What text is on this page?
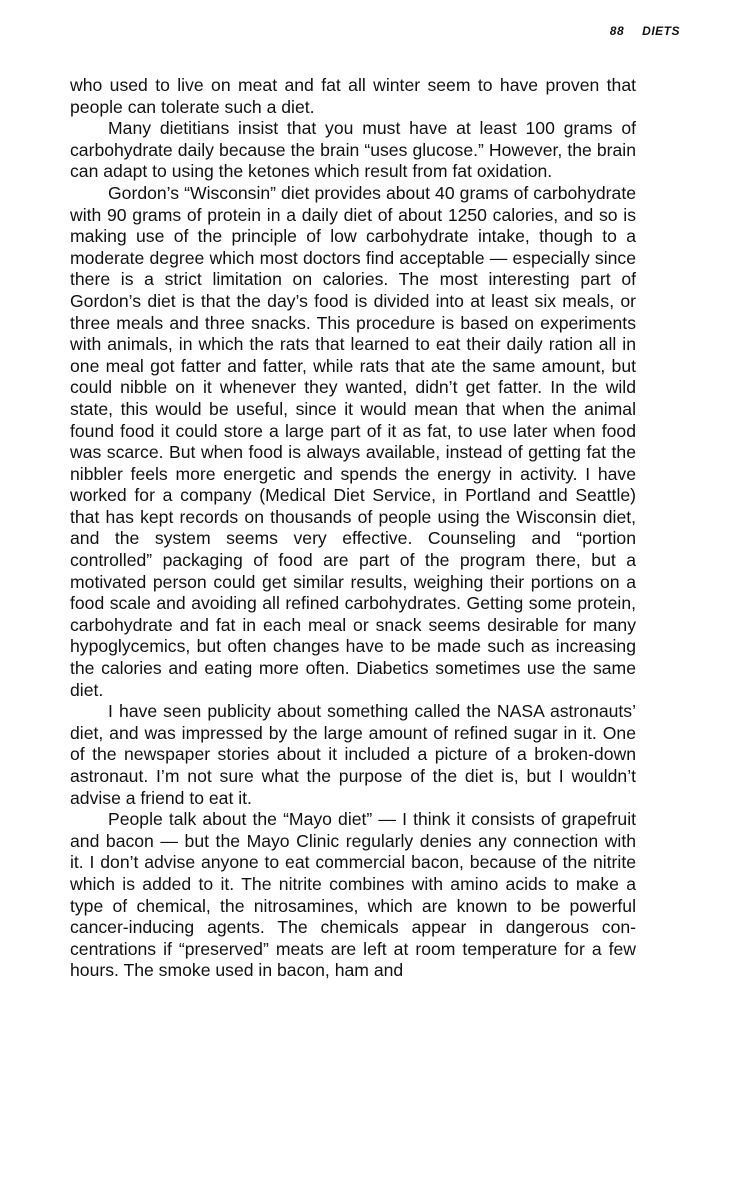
88 DIETS

who used to live on meat and fat all winter seem to have proven that people can tolerate such a diet.

Many dietitians insist that you must have at least 100 grams of carbohydrate daily because the brain “uses glucose.” However, the brain can adapt to using the ketones which result from fat oxidation.

Gordon’s “Wisconsin” diet provides about 40 grams of carbohydrate with 90 grams of protein in a daily diet of about 1250 calories, and so is making use of the principle of low carbohydrate intake, though to a moderate degree which most doctors find acceptable — especially since there is a strict limitation on calories. The most interesting part of Gordon’s diet is that the day’s food is divided into at least six meals, or three meals and three snacks. This procedure is based on experiments with animals, in which the rats that learned to eat their daily ration all in one meal got fatter and fatter, while rats that ate the same amount, but could nibble on it whenever they wanted, didn’t get fatter. In the wild state, this would be useful, since it would mean that when the animal found food it could store a large part of it as fat, to use later when food was scarce. But when food is always available, instead of getting fat the nibbler feels more energetic and spends the energy in activity. I have worked for a company (Medical Diet Service, in Portland and Seattle) that has kept records on thousands of people using the Wisconsin diet, and the system seems very effective. Counseling and “portion controlled” packaging of food are part of the program there, but a motivated person could get similar results, weighing their portions on a food scale and avoiding all refined carbohydrates. Getting some protein, carbohydrate and fat in each meal or snack seems desirable for many hypoglycemics, but often changes have to be made such as increasing the calories and eating more often. Diabetics sometimes use the same diet.

I have seen publicity about something called the NASA astronauts’ diet, and was impressed by the large amount of refined sugar in it. One of the newspaper stories about it included a picture of a broken-down astronaut. I’m not sure what the purpose of the diet is, but I wouldn’t advise a friend to eat it.

People talk about the “Mayo diet” — I think it consists of grapefruit and bacon — but the Mayo Clinic regularly denies any connection with it. I don’t advise anyone to eat commercial bacon, because of the nitrite which is added to it. The nitrite combines with amino acids to make a type of chemical, the nitrosamines, which are known to be powerful cancer-inducing agents. The chemicals appear in dangerous concentrations if “preserved” meats are left at room temperature for a few hours. The smoke used in bacon, ham and
